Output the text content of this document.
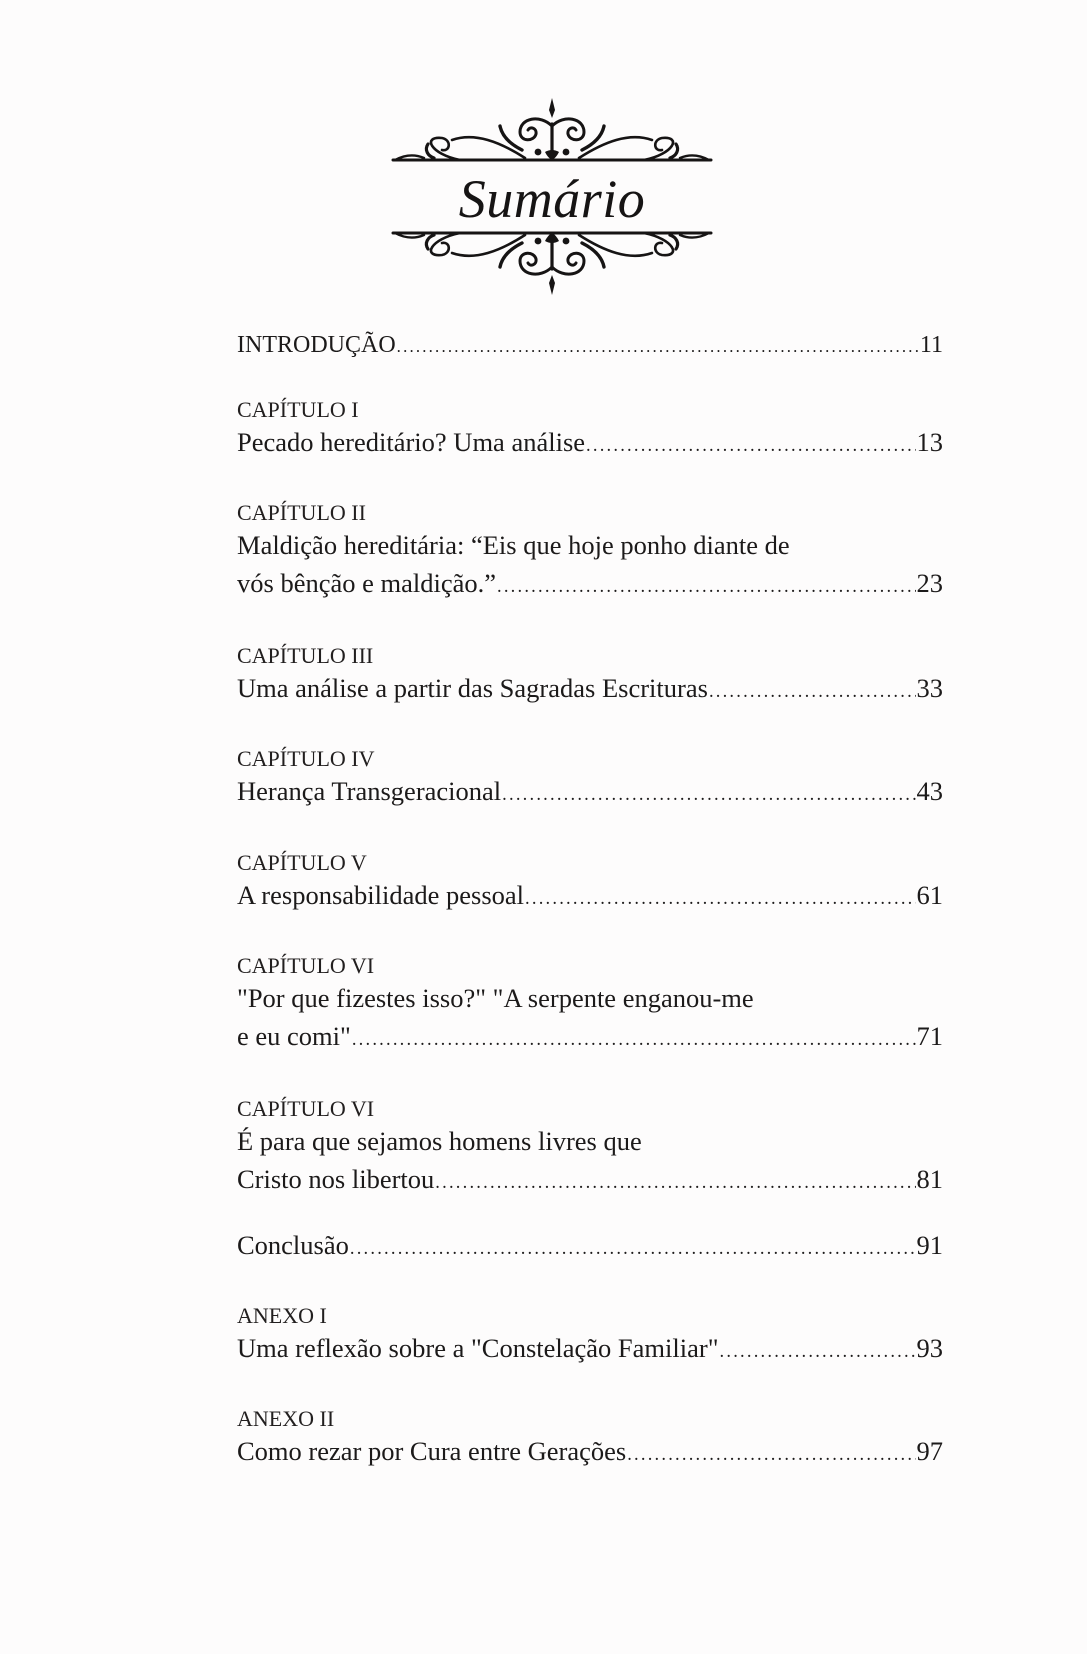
Sumário
INTRODUÇÃO .....	11
CAPÍTULO I
Pecado hereditário? Uma análise .....	13
CAPÍTULO II
Maldição hereditária: “Eis que hoje ponho diante de
vós bênção e maldição.” .....	23
CAPÍTULO III
Uma análise a partir das Sagradas Escrituras .....	33
CAPÍTULO IV
Herança Transgeracional .....	43
CAPÍTULO V
A responsabilidade pessoal .....	61
CAPÍTULO VI
"Por que fizestes isso?" "A serpente enganou-me
e eu comi" .....	71
CAPÍTULO VI
É para que sejamos homens livres que
Cristo nos libertou .....	81
Conclusão .....	91
ANEXO I
Uma reflexão sobre a "Constelação Familiar" .....	93
ANEXO II
Como rezar por Cura entre Gerações .....	97
